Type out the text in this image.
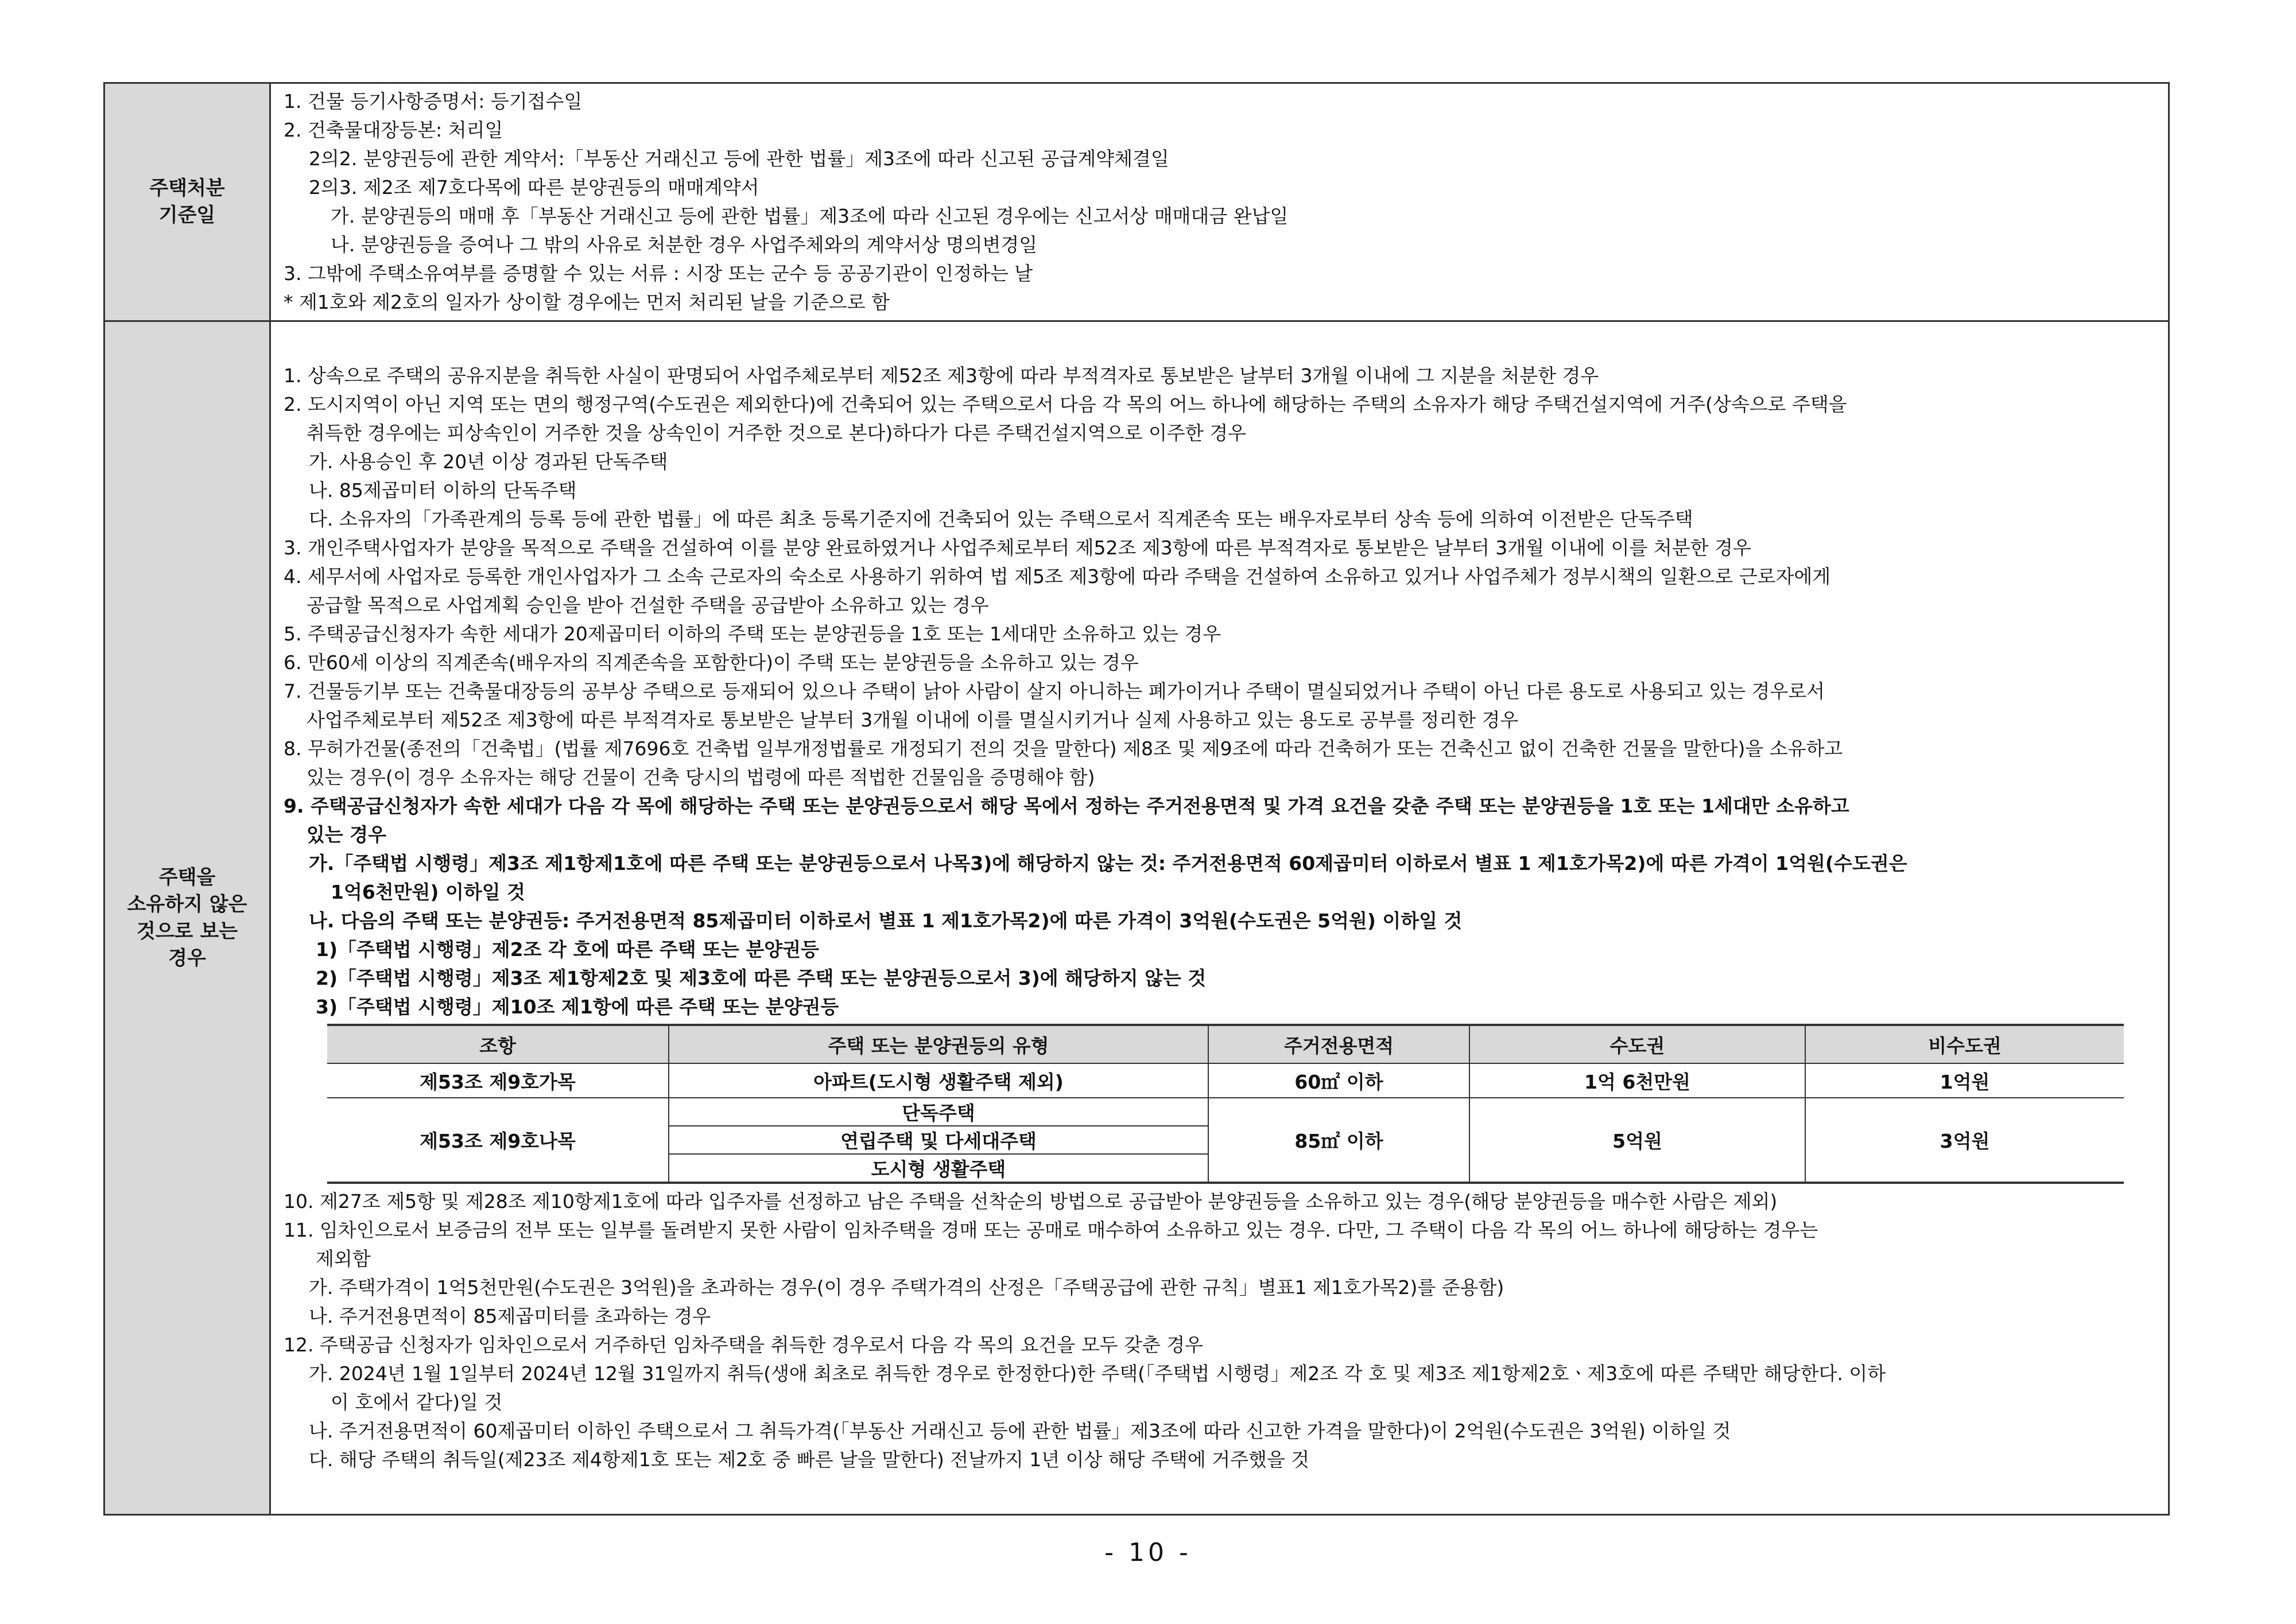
주택처분
기준일	
1. 건물 등기사항증명서: 등기접수일
2. 건축물대장등본: 처리일
2의2. 분양권등에 관한 계약서:「부동산 거래신고 등에 관한 법률」제3조에 따라 신고된 공급계약체결일
2의3. 제2조 제7호다목에 따른 분양권등의 매매계약서
가. 분양권등의 매매 후「부동산 거래신고 등에 관한 법률」제3조에 따라 신고된 경우에는 신고서상 매매대금 완납일
나. 분양권등을 증여나 그 밖의 사유로 처분한 경우 사업주체와의 계약서상 명의변경일
3. 그밖에 주택소유여부를 증명할 수 있는 서류 : 시장 또는 군수 등 공공기관이 인정하는 날
* 제1호와 제2호의 일자가 상이할 경우에는 먼저 처리된 날을 기준으로 함

주택을
소유하지 않은
것으로 보는
경우	
1. 상속으로 주택의 공유지분을 취득한 사실이 판명되어 사업주체로부터 제52조 제3항에 따라 부적격자로 통보받은 날부터 3개월 이내에 그 지분을 처분한 경우
2. 도시지역이 아닌 지역 또는 면의 행정구역(수도권은 제외한다)에 건축되어 있는 주택으로서 다음 각 목의 어느 하나에 해당하는 주택의 소유자가 해당 주택건설지역에 거주(상속으로 주택을
취득한 경우에는 피상속인이 거주한 것을 상속인이 거주한 것으로 본다)하다가 다른 주택건설지역으로 이주한 경우
가. 사용승인 후 20년 이상 경과된 단독주택
나. 85제곱미터 이하의 단독주택
다. 소유자의「가족관계의 등록 등에 관한 법률」에 따른 최초 등록기준지에 건축되어 있는 주택으로서 직계존속 또는 배우자로부터 상속 등에 의하여 이전받은 단독주택
3. 개인주택사업자가 분양을 목적으로 주택을 건설하여 이를 분양 완료하였거나 사업주체로부터 제52조 제3항에 따른 부적격자로 통보받은 날부터 3개월 이내에 이를 처분한 경우
4. 세무서에 사업자로 등록한 개인사업자가 그 소속 근로자의 숙소로 사용하기 위하여 법 제5조 제3항에 따라 주택을 건설하여 소유하고 있거나 사업주체가 정부시책의 일환으로 근로자에게
공급할 목적으로 사업계획 승인을 받아 건설한 주택을 공급받아 소유하고 있는 경우
5. 주택공급신청자가 속한 세대가 20제곱미터 이하의 주택 또는 분양권등을 1호 또는 1세대만 소유하고 있는 경우
6. 만60세 이상의 직계존속(배우자의 직계존속을 포함한다)이 주택 또는 분양권등을 소유하고 있는 경우
7. 건물등기부 또는 건축물대장등의 공부상 주택으로 등재되어 있으나 주택이 낡아 사람이 살지 아니하는 폐가이거나 주택이 멸실되었거나 주택이 아닌 다른 용도로 사용되고 있는 경우로서
사업주체로부터 제52조 제3항에 따른 부적격자로 통보받은 날부터 3개월 이내에 이를 멸실시키거나 실제 사용하고 있는 용도로 공부를 정리한 경우
8. 무허가건물(종전의「건축법」(법률 제7696호 건축법 일부개정법률로 개정되기 전의 것을 말한다) 제8조 및 제9조에 따라 건축허가 또는 건축신고 없이 건축한 건물을 말한다)을 소유하고
있는 경우(이 경우 소유자는 해당 건물이 건축 당시의 법령에 따른 적법한 건물임을 증명해야 함)
9. 주택공급신청자가 속한 세대가 다음 각 목에 해당하는 주택 또는 분양권등으로서 해당 목에서 정하는 주거전용면적 및 가격 요건을 갖춘 주택 또는 분양권등을 1호 또는 1세대만 소유하고
있는 경우
가.「주택법 시행령」제3조 제1항제1호에 따른 주택 또는 분양권등으로서 나목3)에 해당하지 않는 것: 주거전용면적 60제곱미터 이하로서 별표 1 제1호가목2)에 따른 가격이 1억원(수도권은
1억6천만원) 이하일 것
나. 다음의 주택 또는 분양권등: 주거전용면적 85제곱미터 이하로서 별표 1 제1호가목2)에 따른 가격이 3억원(수도권은 5억원) 이하일 것
1)「주택법 시행령」제2조 각 호에 따른 주택 또는 분양권등
2)「주택법 시행령」제3조 제1항제2호 및 제3호에 따른 주택 또는 분양권등으로서 3)에 해당하지 않는 것
3)「주택법 시행령」제10조 제1항에 따른 주택 또는 분양권등
조항	주택 또는 분양권등의 유형	주거전용면적	수도권	비수도권
제53조 제9호가목	아파트(도시형 생활주택 제외)	60㎡ 이하	1억 6천만원	1억원
제53조 제9호나목	단독주택	85㎡ 이하	5억원	3억원
연립주택 및 다세대주택
도시형 생활주택
10. 제27조 제5항 및 제28조 제10항제1호에 따라 입주자를 선정하고 남은 주택을 선착순의 방법으로 공급받아 분양권등을 소유하고 있는 경우(해당 분양권등을 매수한 사람은 제외)
11. 임차인으로서 보증금의 전부 또는 일부를 돌려받지 못한 사람이 임차주택을 경매 또는 공매로 매수하여 소유하고 있는 경우. 다만, 그 주택이 다음 각 목의 어느 하나에 해당하는 경우는
제외함
가. 주택가격이 1억5천만원(수도권은 3억원)을 초과하는 경우(이 경우 주택가격의 산정은「주택공급에 관한 규칙」별표1 제1호가목2)를 준용함)
나. 주거전용면적이 85제곱미터를 초과하는 경우
12. 주택공급 신청자가 임차인으로서 거주하던 임차주택을 취득한 경우로서 다음 각 목의 요건을 모두 갖춘 경우
가. 2024년 1월 1일부터 2024년 12월 31일까지 취득(생애 최초로 취득한 경우로 한정한다)한 주택(「주택법 시행령」제2조 각 호 및 제3조 제1항제2호ㆍ제3호에 따른 주택만 해당한다. 이하
이 호에서 같다)일 것
나. 주거전용면적이 60제곱미터 이하인 주택으로서 그 취득가격(「부동산 거래신고 등에 관한 법률」제3조에 따라 신고한 가격을 말한다)이 2억원(수도권은 3억원) 이하일 것
다. 해당 주택의 취득일(제23조 제4항제1호 또는 제2호 중 빠른 날을 말한다) 전날까지 1년 이상 해당 주택에 거주했을 것
- 10 -
